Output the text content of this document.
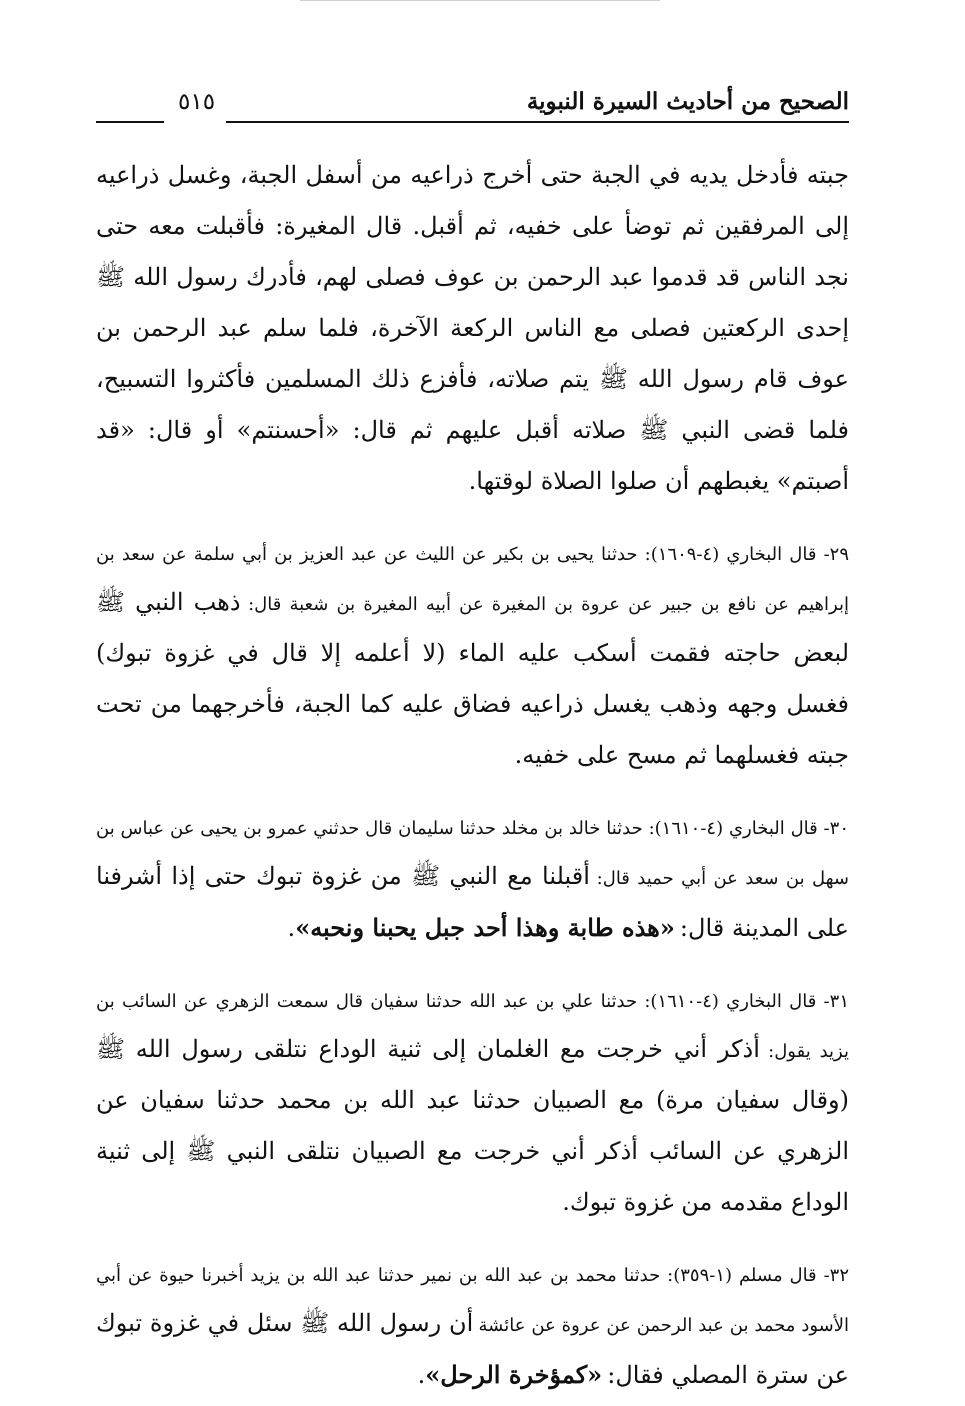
الصحيح من أحاديث السيرة النبوية
٥١٥

جبته فأدخل يديه في الجبة حتى أخرج ذراعيه من أسفل الجبة، وغسل ذراعيه إلى المرفقين ثم توضأ على خفيه، ثم أقبل. قال المغيرة: فأقبلت معه حتى نجد الناس قد قدموا عبد الرحمن بن عوف فصلى لهم، فأدرك رسول الله ﷺ إحدى الركعتين فصلى مع الناس الركعة الآخرة، فلما سلم عبد الرحمن بن عوف قام رسول الله ﷺ يتم صلاته، فأفزع ذلك المسلمين فأكثروا التسبيح، فلما قضى النبي ﷺ صلاته أقبل عليهم ثم قال: «أحسنتم» أو قال: «قد أصبتم» يغبطهم أن صلوا الصلاة لوقتها.

٢٩- قال البخاري (٤-١٦٠٩): حدثنا يحيى بن بكير عن الليث عن عبد العزيز بن أبي سلمة عن سعد بن إبراهيم عن نافع بن جبير عن عروة بن المغيرة عن أبيه المغيرة بن شعبة قال: ذهب النبي ﷺ لبعض حاجته فقمت أسكب عليه الماء (لا أعلمه إلا قال في غزوة تبوك) فغسل وجهه وذهب يغسل ذراعيه فضاق عليه كما الجبة، فأخرجهما من تحت جبته فغسلهما ثم مسح على خفيه.

٣٠- قال البخاري (٤-١٦١٠): حدثنا خالد بن مخلد حدثنا سليمان قال حدثني عمرو بن يحيى عن عباس بن سهل بن سعد عن أبي حميد قال: أقبلنا مع النبي ﷺ من غزوة تبوك حتى إذا أشرفنا على المدينة قال: «هذه طابة وهذا أحد جبل يحبنا ونحبه».

٣١- قال البخاري (٤-١٦١٠): حدثنا علي بن عبد الله حدثنا سفيان قال سمعت الزهري عن السائب بن يزيد يقول: أذكر أني خرجت مع الغلمان إلى ثنية الوداع نتلقى رسول الله ﷺ (وقال سفيان مرة) مع الصبيان حدثنا عبد الله بن محمد حدثنا سفيان عن الزهري عن السائب أذكر أني خرجت مع الصبيان نتلقى النبي ﷺ إلى ثنية الوداع مقدمه من غزوة تبوك.

٣٢- قال مسلم (١-٣٥٩): حدثنا محمد بن عبد الله بن نمير حدثنا عبد الله بن يزيد أخبرنا حيوة عن أبي الأسود محمد بن عبد الرحمن عن عروة عن عائشة أن رسول الله ﷺ سئل في غزوة تبوك عن سترة المصلي فقال: «كمؤخرة الرحل».
